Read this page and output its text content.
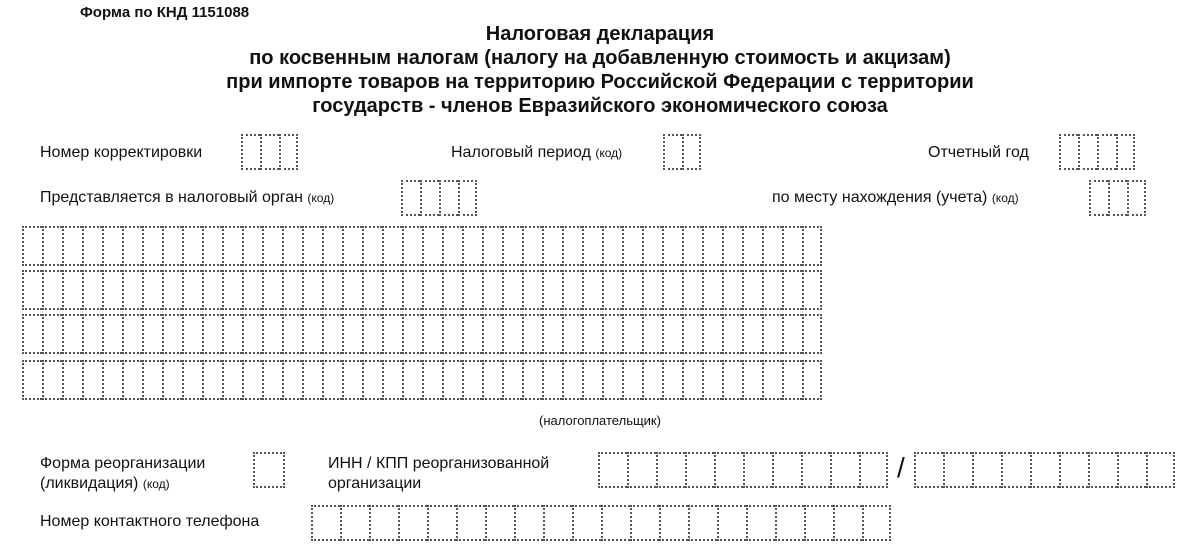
Форма по КНД 1151088
Налоговая декларация
по косвенным налогам (налогу на добавленную стоимость и акцизам)
при импорте товаров на территорию Российской Федерации с территории
государств - членов Евразийского экономического союза
Номер корректировки	Налоговый период (код)	Отчетный год
Представляется в налоговый орган (код)	по месту нахождения (учета) (код)
(налогоплательщик)
Форма реорганизации
(ликвидация) (код)
ИНН / КПП реорганизованной
организации
/
Номер контактного телефона
